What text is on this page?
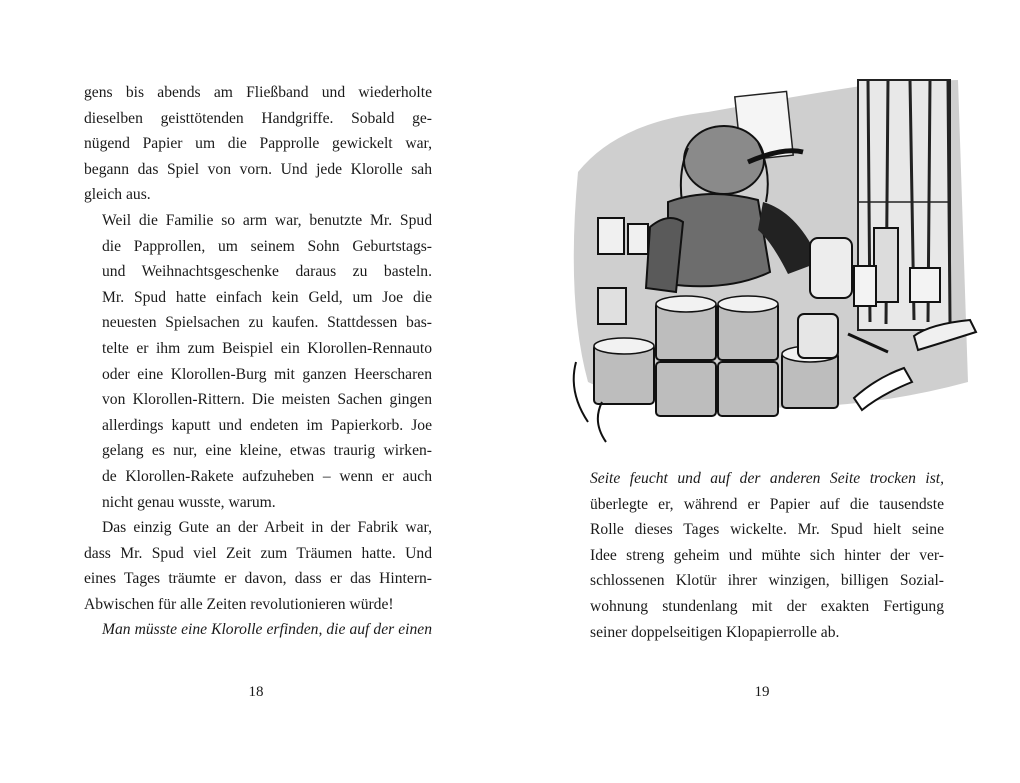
gens bis abends am Fließband und wiederholte
dieselben geisttötenden Handgriffe. Sobald ge-
nügend Papier um die Papprolle gewickelt war,
begann das Spiel von vorn. Und jede Klorolle sah
gleich aus.

Weil die Familie so arm war, benutzte Mr. Spud
die Papprollen, um seinem Sohn Geburtstags-
und Weihnachtsgeschenke daraus zu basteln.
Mr. Spud hatte einfach kein Geld, um Joe die
neuesten Spielsachen zu kaufen. Stattdessen bas-
telte er ihm zum Beispiel ein Klorollen-Rennauto
oder eine Klorollen-Burg mit ganzen Heerscharen
von Klorollen-Rittern. Die meisten Sachen gingen
allerdings kaputt und endeten im Papierkorb. Joe
gelang es nur, eine kleine, etwas traurig wirken-
de Klorollen-Rakete aufzuheben – wenn er auch
nicht genau wusste, warum.

Das einzig Gute an der Arbeit in der Fabrik war,
dass Mr. Spud viel Zeit zum Träumen hatte. Und
eines Tages träumte er davon, dass er das Hintern-
Abwischen für alle Zeiten revolutionieren würde!
Man müsste eine Klorolle erfinden, die auf der einen

18

Seite feucht und auf der anderen Seite trocken ist,
überlegte er, während er Papier auf die tausendste
Rolle dieses Tages wickelte. Mr. Spud hielt seine
Idee streng geheim und mühte sich hinter der ver-
schlossenen Klotür ihrer winzigen, billigen Sozial-
wohnung stundenlang mit der exakten Fertigung
seiner doppelseitigen Klopapierrolle ab.

19
